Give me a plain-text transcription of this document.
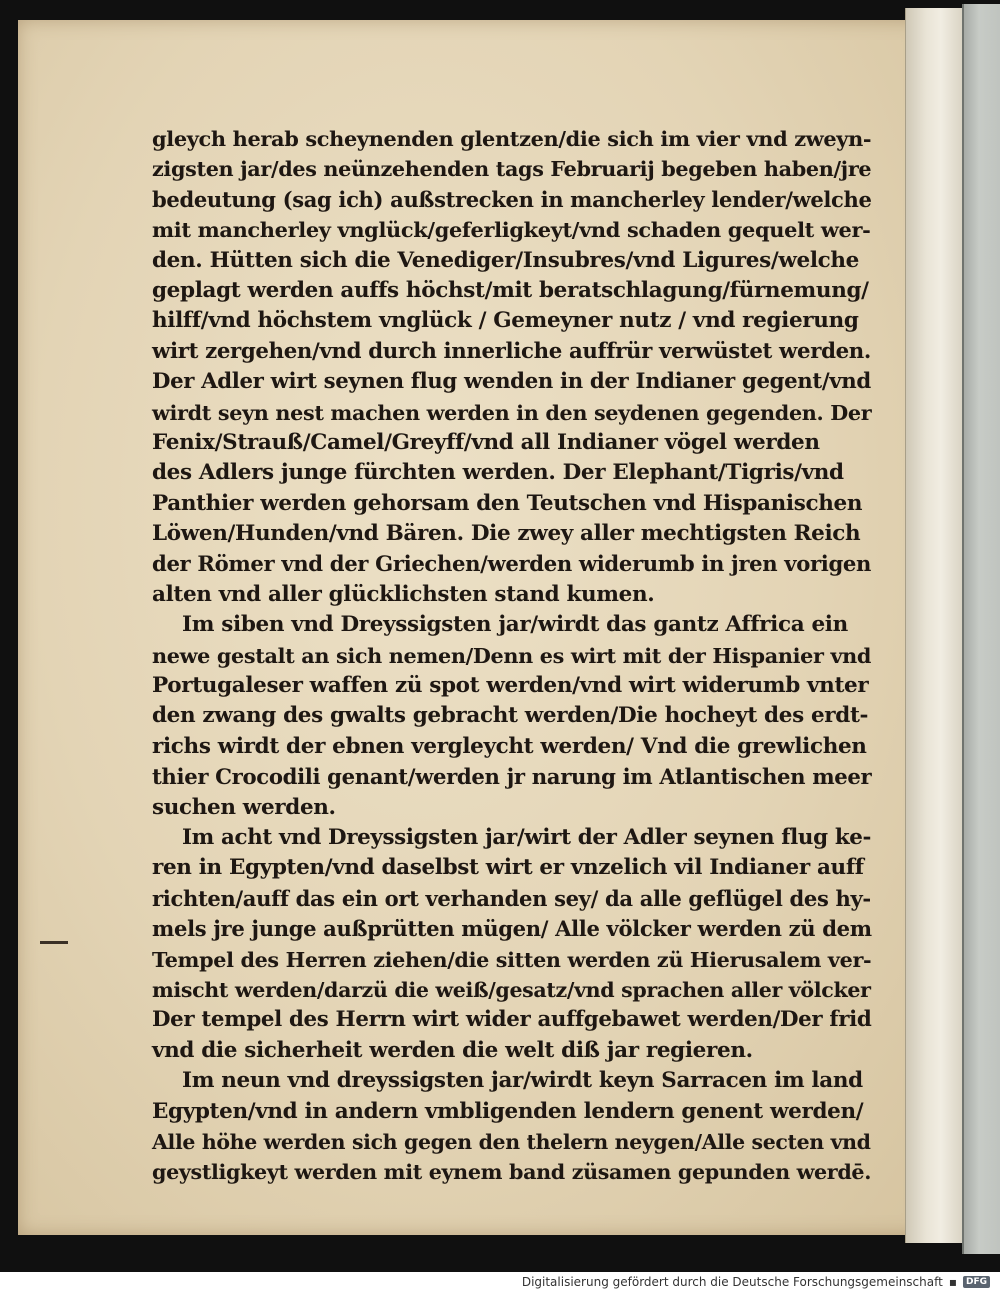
gleych herab scheynenden glentzen/die sich im vier vnd zweyn-
zigsten jar/des neünzehenden tags Februarij begeben haben/jre
bedeutung (sag ich) außstrecken in mancherley lender/welche
mit mancherley vnglück/geferligkeyt/vnd schaden gequelt wer-
den. Hütten sich die Venediger/Insubres/vnd Ligures/welche
geplagt werden auffs höchst/mit beratschlagung/fürnemung/
hilff/vnd höchstem vnglück / Gemeyner nutz / vnd regierung
wirt zergehen/vnd durch innerliche auffrür verwüstet werden.
Der Adler wirt seynen flug wenden in der Indianer gegent/vnd
wirdt seyn nest machen werden in den seydenen gegenden. Der
Fenix/Strauß/Camel/Greyff/vnd all Indianer vögel werden
des Adlers junge fürchten werden. Der Elephant/Tigris/vnd
Panthier werden gehorsam den Teutschen vnd Hispanischen
Löwen/Hunden/vnd Bären. Die zwey aller mechtigsten Reich
der Römer vnd der Griechen/werden widerumb in jren vorigen
alten vnd aller glücklichsten stand kumen.
Im siben vnd Dreyssigsten jar/wirdt das gantz Affrica ein
newe gestalt an sich nemen/Denn es wirt mit der Hispanier vnd
Portugaleser waffen zü spot werden/vnd wirt widerumb vnter
den zwang des gwalts gebracht werden/Die hocheyt des erdt-
richs wirdt der ebnen vergleycht werden/ Vnd die grewlichen
thier Crocodili genant/werden jr narung im Atlantischen meer
suchen werden.
Im acht vnd Dreyssigsten jar/wirt der Adler seynen flug ke-
ren in Egypten/vnd daselbst wirt er vnzelich vil Indianer auff
richten/auff das ein ort verhanden sey/ da alle geflügel des hy-
mels jre junge außprütten mügen/ Alle völcker werden zü dem
Tempel des Herren ziehen/die sitten werden zü Hierusalem ver-
mischt werden/darzü die weiß/gesatz/vnd sprachen aller völcker
Der tempel des Herrn wirt wider auffgebawet werden/Der frid
vnd die sicherheit werden die welt diß jar regieren.
Im neun vnd dreyssigsten jar/wirdt keyn Sarracen im land
Egypten/vnd in andern vmbligenden lendern genent werden/
Alle höhe werden sich gegen den thelern neygen/Alle secten vnd
geystligkeyt werden mit eynem band züsamen gepunden werdē.
Digitalisierung gefördert durch die Deutsche Forschungsgemeinschaft ▪	DFG
